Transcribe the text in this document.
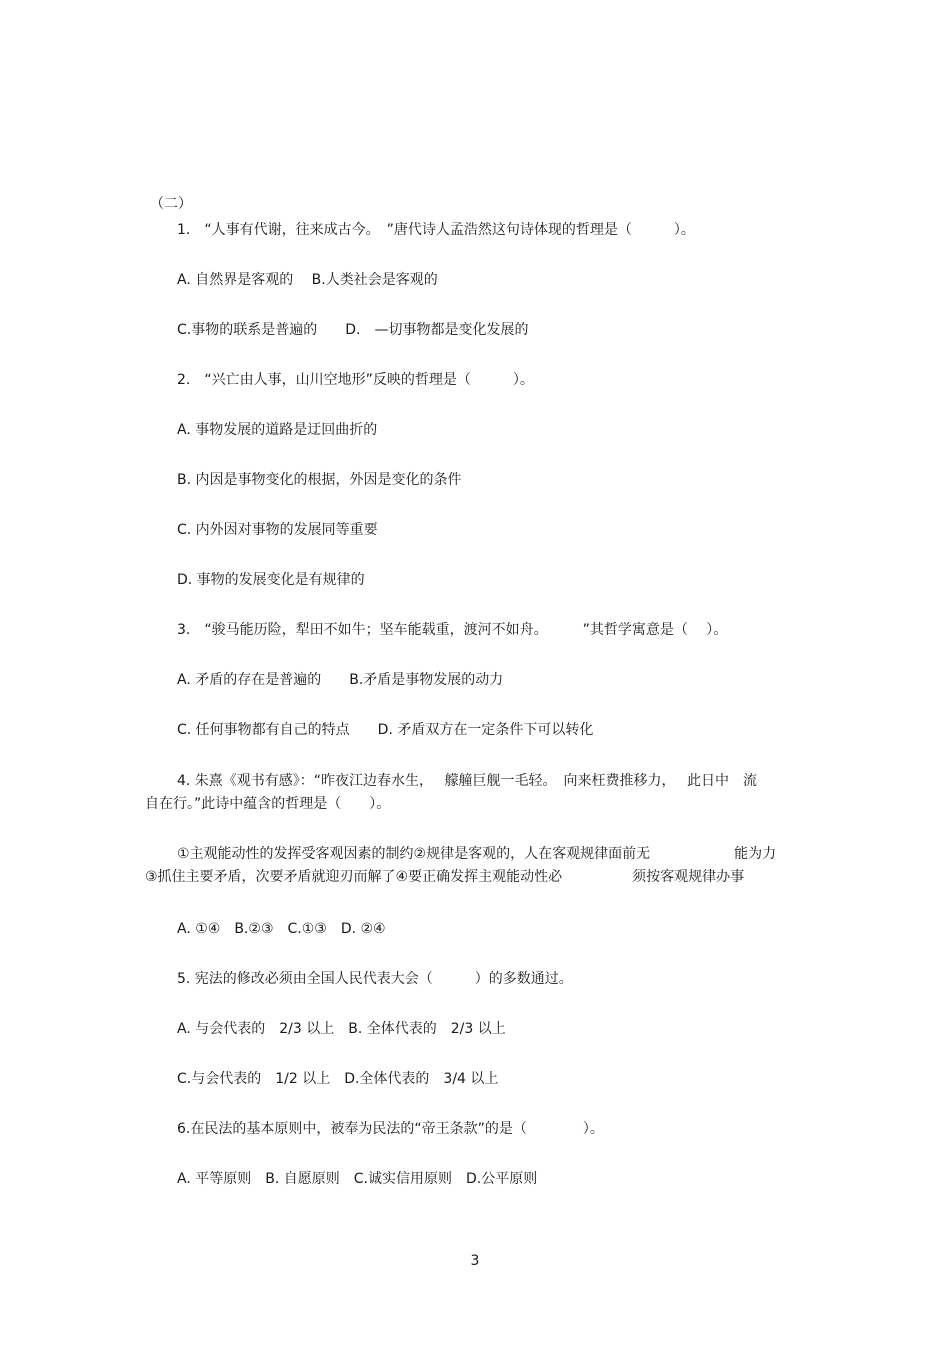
（二）

1.　“人事有代谢，往来成古今。　”唐代诗人孟浩然这句诗体现的哲理是（　　　）。

A. 自然界是客观的　 B.人类社会是客观的

C.事物的联系是普遍的　　D.　—切事物都是变化发展的

2.　“兴亡由人事，山川空地形”反映的哲理是（　　　）。

A. 事物发展的道路是迂回曲折的

B. 内因是事物变化的根据，外因是变化的条件

C. 内外因对事物的发展同等重要

D. 事物的发展变化是有规律的

3.　“骏马能历险，犁田不如牛；坚车能载重，渡河不如舟。　　　”其哲学寓意是（　 ）。

A. 矛盾的存在是普遍的　　B.矛盾是事物发展的动力

C. 任何事物都有自己的特点　　D. 矛盾双方在一定条件下可以转化

4. 朱熹《观书有感》：“昨夜江边春水生，　 艨艟巨舰一毛轻。　向来枉费推移力，　 此日中　流

自在行。”此诗中蕴含的哲理是（　　）。

①主观能动性的发挥受客观因素的制约②规律是客观的，人在客观规律面前无　　　　　　能为力

③抓住主要矛盾，次要矛盾就迎刃而解了④要正确发挥主观能动性必　　　　　须按客观规律办事

A. ①④　B.②③　C.①③　D. ②④

5. 宪法的修改必须由全国人民代表大会（　　　）的多数通过。

A. 与会代表的　2/3 以上　B. 全体代表的　2/3 以上

C.与会代表的　1/2 以上　D.全体代表的　3/4 以上

6.在民法的基本原则中，被奉为民法的“帝王条款”的是（　　　　）。

A. 平等原则　B. 自愿原则　C.诚实信用原则　D.公平原则

3
